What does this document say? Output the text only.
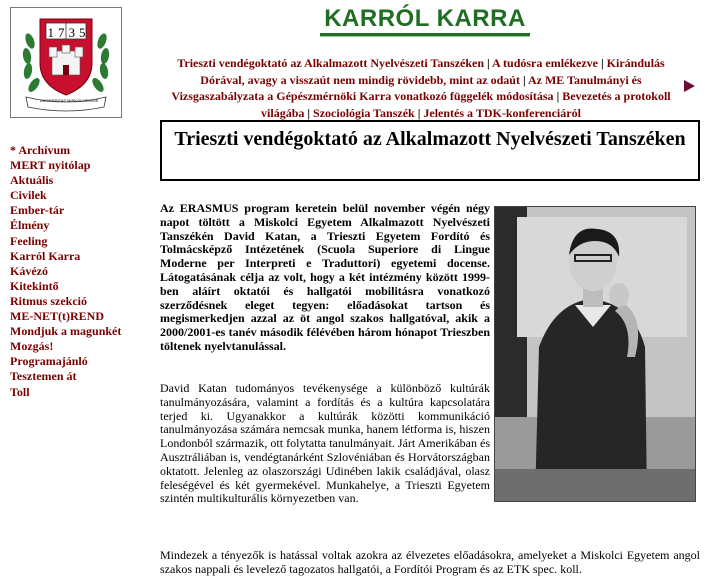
1735
UNIVERSITAS MISKOLCIENSIS
KARRÓL KARRA
Trieszti vendégoktató az Alkalmazott Nyelvészeti Tanszéken | A tudósra emlékezve | Kirándulás Dórával, avagy a visszaút nem mindig rövidebb, mint az odaút | Az ME Tanulmányi és Vizsgaszabályzata a Gépészmérnöki Karra vonatkozó függelék módosítása | Bevezetés a protokoll világába | Szociológia Tanszék | Jelentés a TDK-konferenciáról
* Archívum
MERT nyitólap
Aktuális
Civilek
Ember-tár
Élmény
Feeling
Karról Karra
Kávézó
Kitekintő
Ritmus szekció
ME-NET(t)REND
Mondjuk a magunkét
Mozgás!
Programajánló
Tesztemen át
Toll
Trieszti vendégoktató az Alkalmazott Nyelvészeti Tanszéken
Az ERASMUS program keretein belül november végén négy napot töltött a Miskolci Egyetem Alkalmazott Nyelvészeti Tanszékén David Katan, a Trieszti Egyetem Fordító és Tolmácsképző Intézetének (Scuola Superiore di Lingue Moderne per Interpreti e Traduttori) egyetemi docense. Látogatásának célja az volt, hogy a két intézmény között 1999-ben aláírt oktatói és hallgatói mobilitásra vonatkozó szerződésnek eleget tegyen: előadásokat tartson és megismerkedjen azzal az öt angol szakos hallgatóval, akik a 2000/2001-es tanév második félévében három hónapot Trieszben töltenek nyelvtanulással.
David Katan tudományos tevékenysége a különböző kultúrák tanulmányozására, valamint a fordítás és a kultúra kapcsolatára terjed ki. Ugyanakkor a kultúrák közötti kommunikáció tanulmányozása számára nemcsak munka, hanem létforma is, hiszen Londonból származik, ott folytatta tanulmányait. Járt Amerikában és Ausztráliában is, vendégtanárként Szlovéniában és Horvátországban oktatott. Jelenleg az olaszországi Udinében lakik családjával, olasz feleségével és két gyermekével. Munkahelye, a Trieszti Egyetem szintén multikulturális környezetben van.
Mindezek a tényezők is hatással voltak azokra az élvezetes előadásokra, amelyeket a Miskolci Egyetem angol szakos nappali és levelező tagozatos hallgatói, a Fordítói Program és az ETK spec. koll.
